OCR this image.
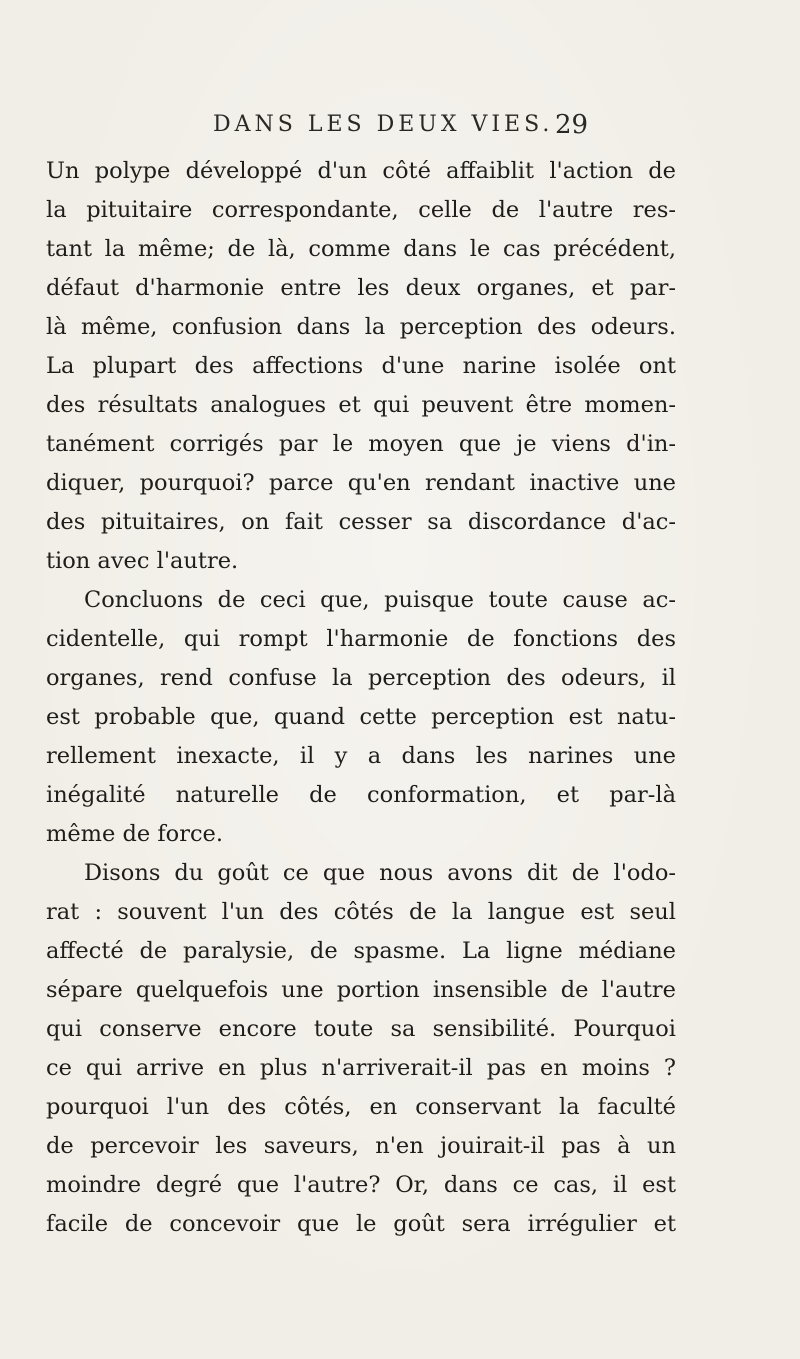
DANS LES DEUX VIES. 29
Un polype développé d'un côté affaiblit l'action de
la pituitaire correspondante, celle de l'autre res-
tant la même; de là, comme dans le cas précédent,
défaut d'harmonie entre les deux organes, et par-
là même, confusion dans la perception des odeurs.
La plupart des affections d'une narine isolée ont
des résultats analogues et qui peuvent être momen-
tanément corrigés par le moyen que je viens d'in-
diquer, pourquoi? parce qu'en rendant inactive une
des pituitaires, on fait cesser sa discordance d'ac-
tion avec l'autre.
Concluons de ceci que, puisque toute cause ac-
cidentelle, qui rompt l'harmonie de fonctions des
organes, rend confuse la perception des odeurs, il
est probable que, quand cette perception est natu-
rellement inexacte, il y a dans les narines une
inégalité naturelle de conformation, et par-là
même de force.
Disons du goût ce que nous avons dit de l'odo-
rat : souvent l'un des côtés de la langue est seul
affecté de paralysie, de spasme. La ligne médiane
sépare quelquefois une portion insensible de l'autre
qui conserve encore toute sa sensibilité. Pourquoi
ce qui arrive en plus n'arriverait-il pas en moins ?
pourquoi l'un des côtés, en conservant la faculté
de percevoir les saveurs, n'en jouirait-il pas à un
moindre degré que l'autre? Or, dans ce cas, il est
facile de concevoir que le goût sera irrégulier et
